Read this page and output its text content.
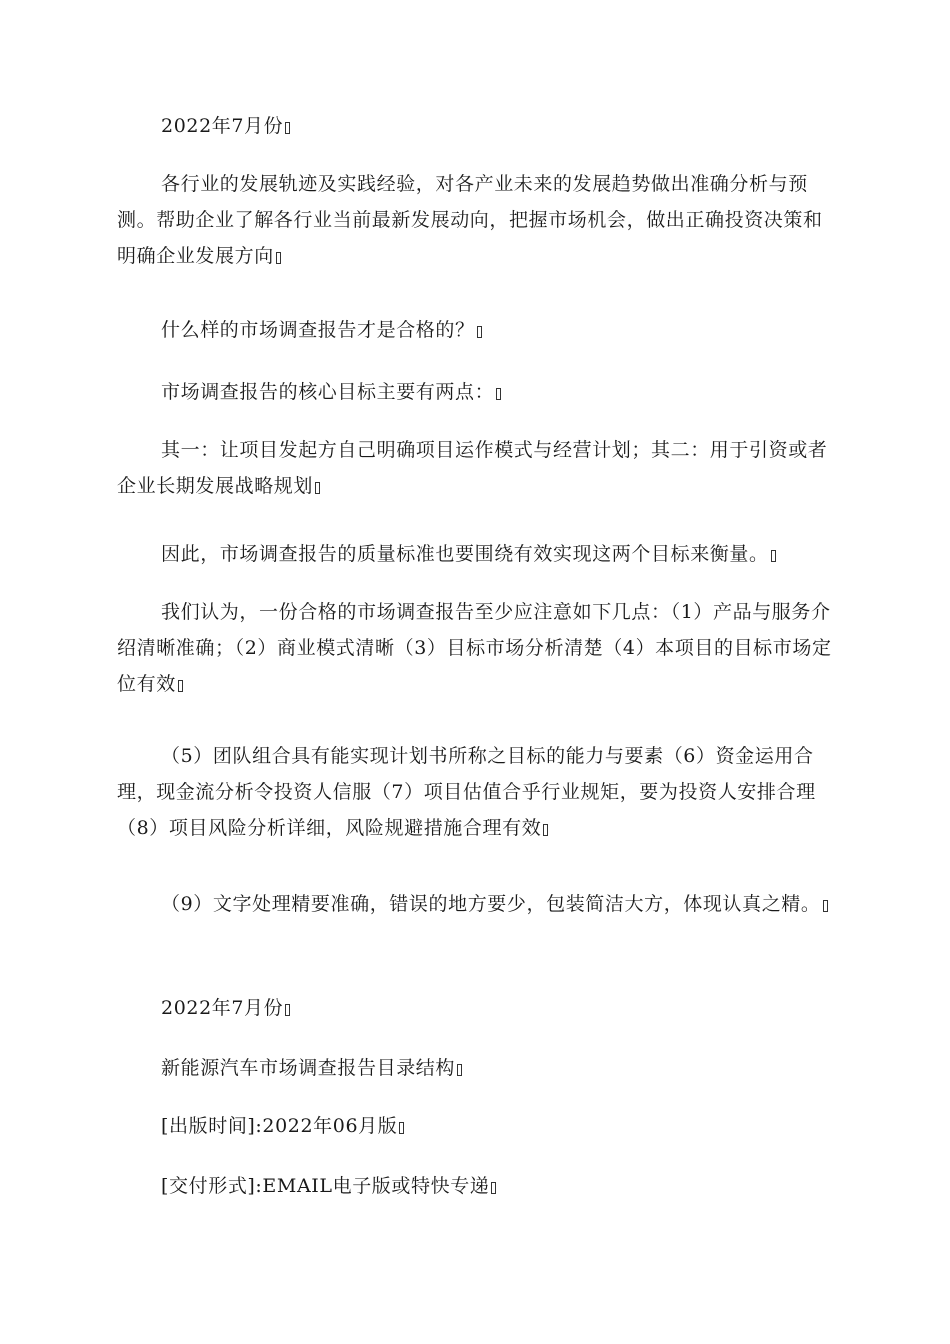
2022年7月份

各行业的发展轨迹及实践经验，对各产业未来的发展趋势做出准确分析与预测。帮助企业了解各行业当前最新发展动向，把握市场机会，做出正确投资决策和明确企业发展方向

什么样的市场调查报告才是合格的？

市场调查报告的核心目标主要有两点：

其一：让项目发起方自己明确项目运作模式与经营计划；其二：用于引资或者企业长期发展战略规划

因此，市场调查报告的质量标准也要围绕有效实现这两个目标来衡量。

我们认为，一份合格的市场调查报告至少应注意如下几点：（1）产品与服务介绍清晰准确；（2）商业模式清晰（3）目标市场分析清楚（4）本项目的目标市场定位有效

（5）团队组合具有能实现计划书所称之目标的能力与要素（6）资金运用合理，现金流分析令投资人信服（7）项目估值合乎行业规矩，要为投资人安排合理（8）项目风险分析详细，风险规避措施合理有效

（9）文字处理精要准确，错误的地方要少，包装简洁大方，体现认真之精。

2022年7月份

新能源汽车市场调查报告目录结构

[出版时间]:2022年06月版

[交付形式]:EMAIL电子版或特快专递
